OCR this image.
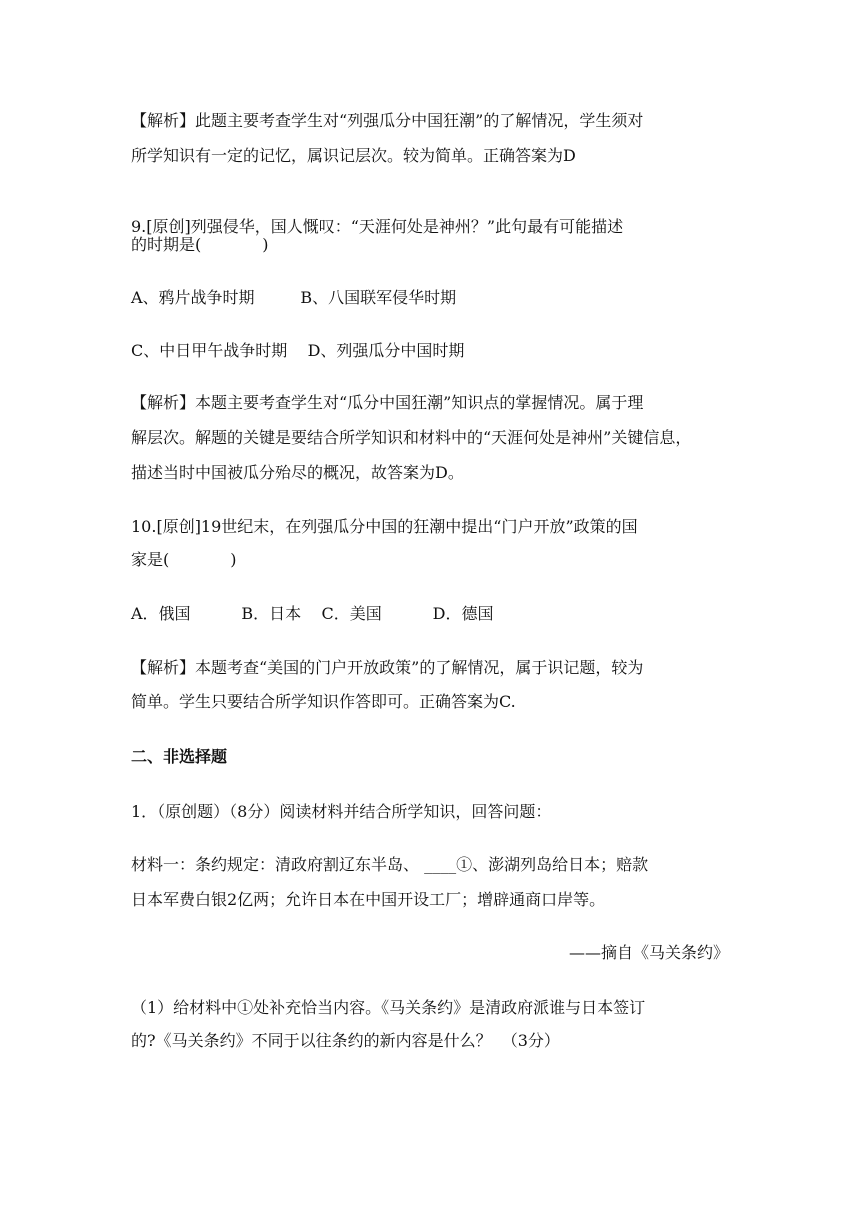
【解析】此题主要考查学生对“列强瓜分中国狂潮”的了解情况，学生须对

所学知识有一定的记忆，属识记层次。较为简单。正确答案为D

9.[原创]列强侵华，国人慨叹：“天涯何处是神州？”此句最有可能描述

的时期是(            )

A、鸦片战争时期         B、八国联军侵华时期

C、中日甲午战争时期    D、列强瓜分中国时期

【解析】本题主要考查学生对“瓜分中国狂潮”知识点的掌握情况。属于理

解层次。解题的关键是要结合所学知识和材料中的“天涯何处是神州”关键信息，

描述当时中国被瓜分殆尽的概况，故答案为D。

10.[原创]19世纪末，在列强瓜分中国的狂潮中提出“门户开放”政策的国

家是(            )

A．俄国          B．日本    C．美国          D．德国

【解析】本题考查“美国的门户开放政策”的了解情况，属于识记题，较为

简单。学生只要结合所学知识作答即可。正确答案为C.

二、非选择题

1．（原创题）（8分）阅读材料并结合所学知识，回答问题：

材料一：条约规定：清政府割辽东半岛、 ____①、澎湖列岛给日本；赔款

日本军费白银2亿两；允许日本在中国开设工厂；增辟通商口岸等。

——摘自《马关条约》

（1）给材料中①处补充恰当内容。《马关条约》是清政府派谁与日本签订

的?《马关条约》不同于以往条约的新内容是什么？  （3分）
